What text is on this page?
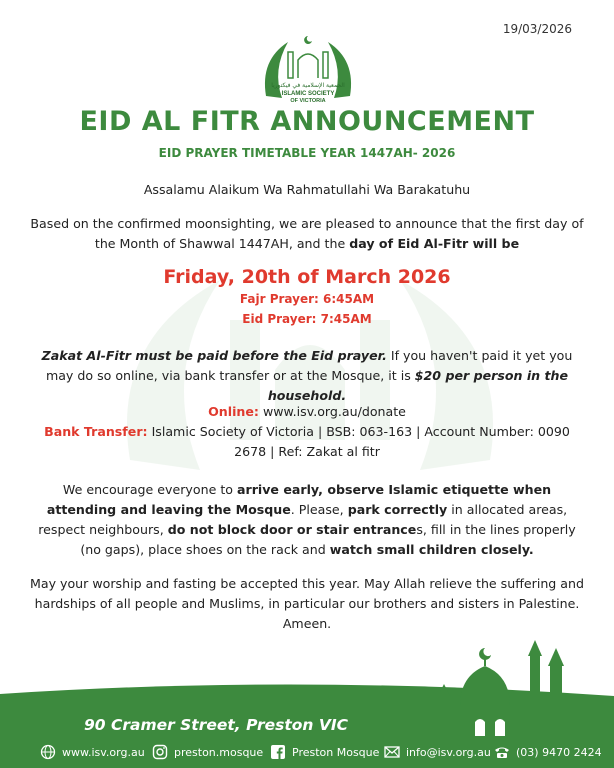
19/03/2026
الجمعية الإسلامية في فيكتوريا
ISLAMIC SOCIETY
OF VICTORIA
EID AL FITR ANNOUNCEMENT
EID PRAYER TIMETABLE YEAR 1447AH- 2026
Assalamu Alaikum Wa Rahmatullahi Wa Barakatuhu
Based on the confirmed moonsighting, we are pleased to announce that the first day of the Month of Shawwal 1447AH, and the day of Eid Al-Fitr will be
Friday, 20th of March 2026
Fajr Prayer: 6:45AM
Eid Prayer: 7:45AM
Zakat Al-Fitr must be paid before the Eid prayer. If you haven't paid it yet you may do so online, via bank transfer or at the Mosque, it is $20 per person in the household.
Online: www.isv.org.au/donate
Bank Transfer: Islamic Society of Victoria | BSB: 063-163 | Account Number: 0090 2678 | Ref: Zakat al fitr
We encourage everyone to arrive early, observe Islamic etiquette when attending and leaving the Mosque. Please, park correctly in allocated areas, respect neighbours, do not block door or stair entrances, fill in the lines properly (no gaps), place shoes on the rack and watch small children closely.
May your worship and fasting be accepted this year. May Allah relieve the suffering and hardships of all people and Muslims, in particular our brothers and sisters in Palestine. Ameen.
90 Cramer Street, Preston VIC
www.isv.org.au	preston.mosque	Preston Mosque info@isv.org.au (03) 9470 2424
